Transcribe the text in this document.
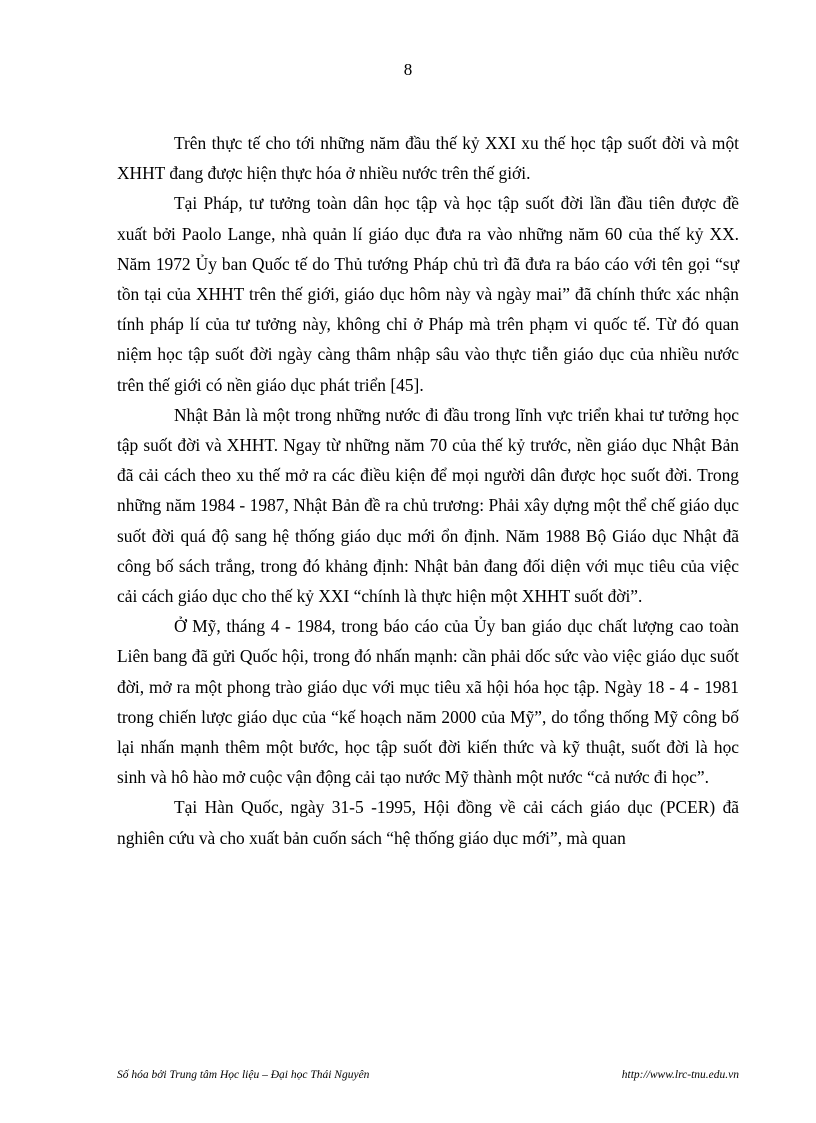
8

Trên thực tế cho tới những năm đầu thế kỷ XXI xu thế học tập suốt đời và một XHHT đang được hiện thực hóa ở nhiều nước trên thế giới.

Tại Pháp, tư tưởng toàn dân học tập và học tập suốt đời lần đầu tiên được đề xuất bởi Paolo Lange, nhà quản lí giáo dục đưa ra vào những năm 60 của thế kỷ XX. Năm 1972 Ủy ban Quốc tế do Thủ tướng Pháp chủ trì đã đưa ra báo cáo với tên gọi “sự tồn tại của XHHT trên thế giới, giáo dục hôm này và ngày mai” đã chính thức xác nhận tính pháp lí của tư tưởng này, không chỉ ở Pháp mà trên phạm vi quốc tế. Từ đó quan niệm học tập suốt đời ngày càng thâm nhập sâu vào thực tiễn giáo dục của nhiều nước trên thế giới có nền giáo dục phát triển [45].

Nhật Bản là một trong những nước đi đầu trong lĩnh vực triển khai tư tưởng học tập suốt đời và XHHT. Ngay từ những năm 70 của thế kỷ trước, nền giáo dục Nhật Bản đã cải cách theo xu thế mở ra các điều kiện để mọi người dân được học suốt đời. Trong những năm 1984 - 1987, Nhật Bản đề ra chủ trương: Phải xây dựng một thể chế giáo dục suốt đời quá độ sang hệ thống giáo dục mới ổn định. Năm 1988 Bộ Giáo dục Nhật đã công bố sách trắng, trong đó khảng định: Nhật bản đang đối diện với mục tiêu của việc cải cách giáo dục cho thế kỷ XXI “chính là thực hiện một XHHT suốt đời”.

Ở Mỹ, tháng 4 - 1984, trong báo cáo của Ủy ban giáo dục chất lượng cao toàn Liên bang đã gửi Quốc hội, trong đó nhấn mạnh: cần phải dốc sức vào việc giáo dục suốt đời, mở ra một phong trào giáo dục với mục tiêu xã hội hóa học tập. Ngày 18 - 4 - 1981 trong chiến lược giáo dục của “kế hoạch năm 2000 của Mỹ”, do tổng thống Mỹ công bố lại nhấn mạnh thêm một bước, học tập suốt đời kiến thức và kỹ thuật, suốt đời là học sinh và hô hào mở cuộc vận động cải tạo nước Mỹ thành một nước “cả nước đi học”.

Tại Hàn Quốc, ngày 31-5 -1995, Hội đồng về cải cách giáo dục (PCER) đã nghiên cứu và cho xuất bản cuốn sách “hệ thống giáo dục mới”, mà quan

Số hóa bởi Trung tâm Học liệu – Đại học Thái Nguyên	http://www.lrc-tnu.edu.vn
